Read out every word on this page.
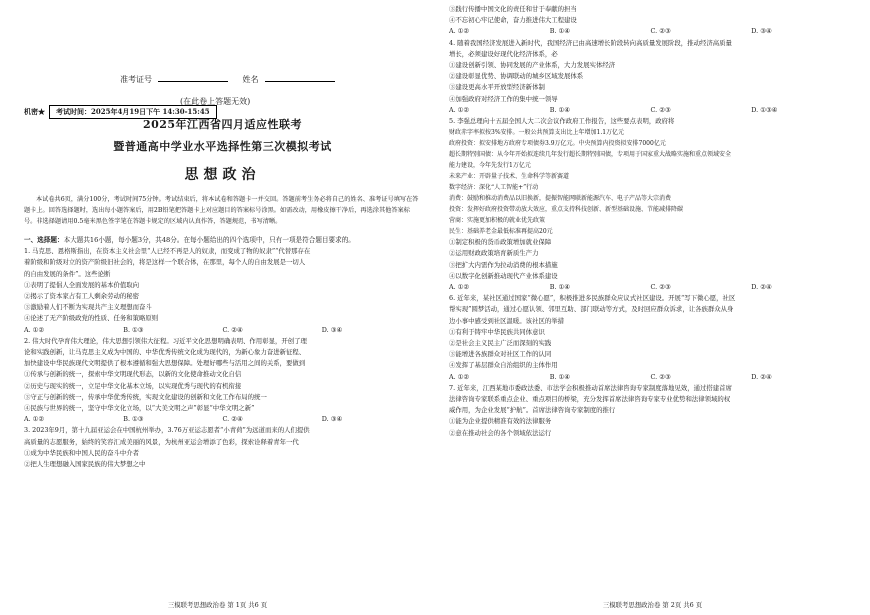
准考证号	姓名
(在此卷上答题无效)
机密★	考试时间：2025年4月19日下午 14:30-15:45
2025年江西省四月适应性联考
暨普通高中学业水平选择性第三次模拟考试
思想政治
本试卷共6页，满分100分，考试时间75分钟。考试结束后，将本试卷和答题卡一并交回。答题前考生务必将自己的姓名、准考证号填写在答题卡上。回答选择题时，选出每小题答案后，用2B铅笔把答题卡上对应题目的答案标号涂黑。如需改动，用橡皮擦干净后，再选涂其他答案标号。非选择题请用0.5毫米黑色签字笔在答题卡规定的区域内认真作答，答题规范，书写清晰。
一、选择题：本大题共16小题，每小题3分，共48分。在每小题给出的四个选项中，只有一项是符合题目要求的。
1. 马克思、恩格斯指出，在资本主义社会里“人已经不再是人的奴隶，而变成了物的奴隶”“代替那存在
着阶级和阶级对立的资产阶级旧社会的，将是这样一个联合体，在那里，每个人的自由发展是一切人
的自由发展的条件”。这些论断
①表明了提倡人全面发展的基本价值取向
②揭示了资本家占有工人剩余劳动的秘密
③激励着人们不断为实现共产主义理想而奋斗
④论述了无产阶级政党的性质、任务和策略原则
A. ①②	B. ①③	C. ②④	D. ③④
2. 伟大时代孕育伟大理论，伟大思想引领伟大征程。习近平文化思想明确表明、作用彰显，开创了理
论和实践创新，让马克思主义成为中国的、中华优秀传统文化成为现代的，为新心象力奋进新征程、
加快建设中华民族现代文明提供了根本遵循和强大思想保障。处理好哪些与活用之间的关系，要做到
①传承与创新的统一，探索中华文明现代形态，以新的文化使命推动文化自信
②历史与现实的统一，立足中华文化基本立场，以实现优秀与现代的有机衔接
③守正与创新的统一，传承中华优秀传统，实现文化建设的创新和文化工作布局的统一
④民族与世界的统一，坚守中华文化立场，以“大美文明之声”彰显“中华文明之新”
A. ①②	B. ①③	C. ②④	D. ③④
3. 2023年9月，第十九届亚运会在中国杭州举办，3.76万亚运志愿者“小青荷”为远道而来的人们提供
高质量的志愿服务，始终的笑容汇成美丽的风景，为杭州亚运会增添了色彩，探索诠释着青年一代
①成为中华民族和中国人民的奋斗中介者
②把人生理想融入国家民族的伟大梦想之中
三模联考思想政治卷 第 1页 共6 页
③践行传播中国文化的责任和甘于奉献的担当
④不忘初心牢记使命，奋力推进伟大工程建设
A. ①②	B. ①④	C. ②③	D. ③④
4. 随着我国经济发展进入新时代，我国经济已由高速增长阶段转向高质量发展阶段，推动经济高质量
增长，必须建设好现代化经济体系，必
①建设创新引领、协同发展的产业体系，大力发展实体经济
②建设彰显优势、协调联动的城乡区域发展体系
③建设更高水平开放型经济新体制
④加强政府对经济工作的集中统一领导
A. ①②	B. ①④	C. ②③	D. ①③④
5. 李强总理向十五届全国人大二次会议作政府工作报告，这些要点表明，政府将
财政赤字率拟按3%安排。一般公共预算支出比上年增加1.1万亿元
政府投资：拟安排地方政府专项债券3.9万亿元。中央预算内投资拟安排7000亿元
超长期特别国债：从今年开始拟连续几年发行超长期特别国债，专项用于国家重大战略实施和重点领域安全
能力建设，今年先发行1万亿元
未来产业：开辟量子技术、生命科学等新赛道
数字经济：深化“人工智能+”行动
消费：鼓励和推动消费品以旧换新，提振智能网联新能源汽车、电子产品等大宗消费
投资：发挥好政府投资带动放大效应，重点支持科技创新、新型基础设施、节能减排降碳
营商：实施更加积极的就业优先政策
民生：基础养老金最低标准再提高20元
①制定积极的货币政策增加就业保障
②运用财政政策培育新质生产力
③把扩大内需作为拉动消费的根本措施
④以数字化创新推动现代产业体系建设
A. ①②	B. ①④	C. ②③	D. ②④
6. 近年来，某社区通过国家“微心愿”，积极推进多民族群众应议式社区建设。开展“写下微心愿，社区
帮实现”圆梦活动，通过心愿认领、邻里互助、部门联动等方式，及时回应群众诉求，让各族群众从身
边小事中感受到社区温暖。该社区的举措
①有利于铸牢中华民族共同体意识
②是社会主义民主广泛而深刻的实践
③能增进各族群众对社区工作的认同
④发挥了基层群众自治组织的主体作用
A. ①②	B. ①④	C. ②③	D. ②④
7. 近年来，江西某地市委政法委、市法学会积极推动首席法律咨询专家制度落地见效，通过搭建首席
法律咨询专家联系重点企业、重点项目的桥梁，充分发挥首席法律咨询专家专业优势和法律领域的权
威作用，为企业发展“护航”。首席法律咨询专家制度的推行
①能为企业提供精准有效的法律服务
②意在推动社会的各个领域依法运行
三模联考思想政治卷 第 2页 共6 页
